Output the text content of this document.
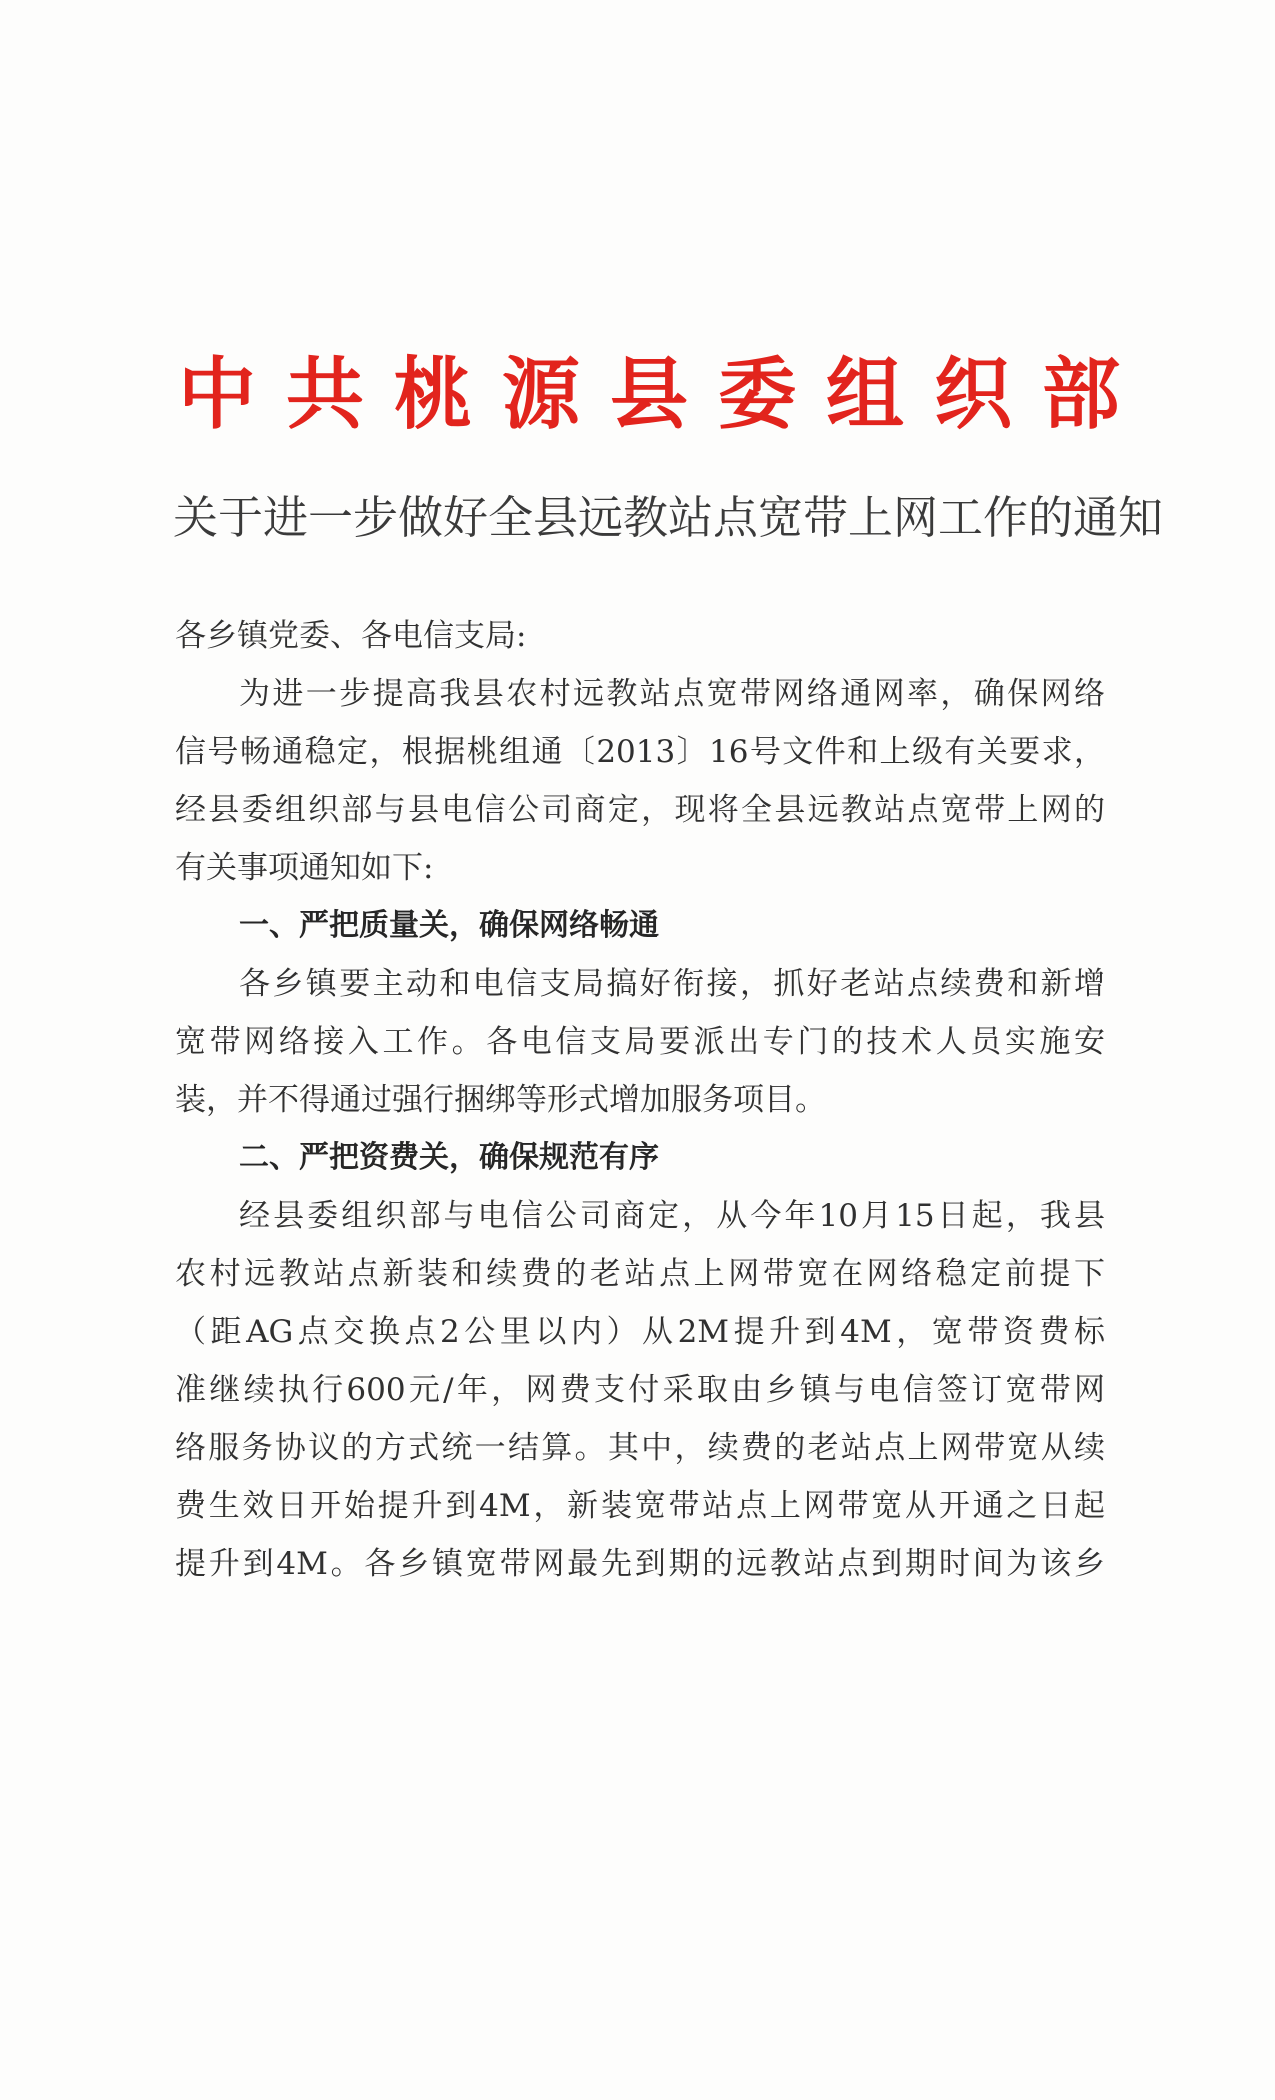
中共桃源县委组织部
关于进一步做好全县远教站点宽带上网工作的通知
各乡镇党委、各电信支局:
为进一步提高我县农村远教站点宽带网络通网率，确保网络
信号畅通稳定，根据桃组通〔2013〕16号文件和上级有关要求，
经县委组织部与县电信公司商定，现将全县远教站点宽带上网的
有关事项通知如下:
一、严把质量关，确保网络畅通
各乡镇要主动和电信支局搞好衔接，抓好老站点续费和新增
宽带网络接入工作。各电信支局要派出专门的技术人员实施安
装，并不得通过强行捆绑等形式增加服务项目。
二、严把资费关，确保规范有序
经县委组织部与电信公司商定，从今年10月15日起，我县
农村远教站点新装和续费的老站点上网带宽在网络稳定前提下
（距AG点交换点2公里以内）从2M提升到4M，宽带资费标
准继续执行600元/年，网费支付采取由乡镇与电信签订宽带网
络服务协议的方式统一结算。其中，续费的老站点上网带宽从续
费生效日开始提升到4M，新装宽带站点上网带宽从开通之日起
提升到4M。各乡镇宽带网最先到期的远教站点到期时间为该乡
